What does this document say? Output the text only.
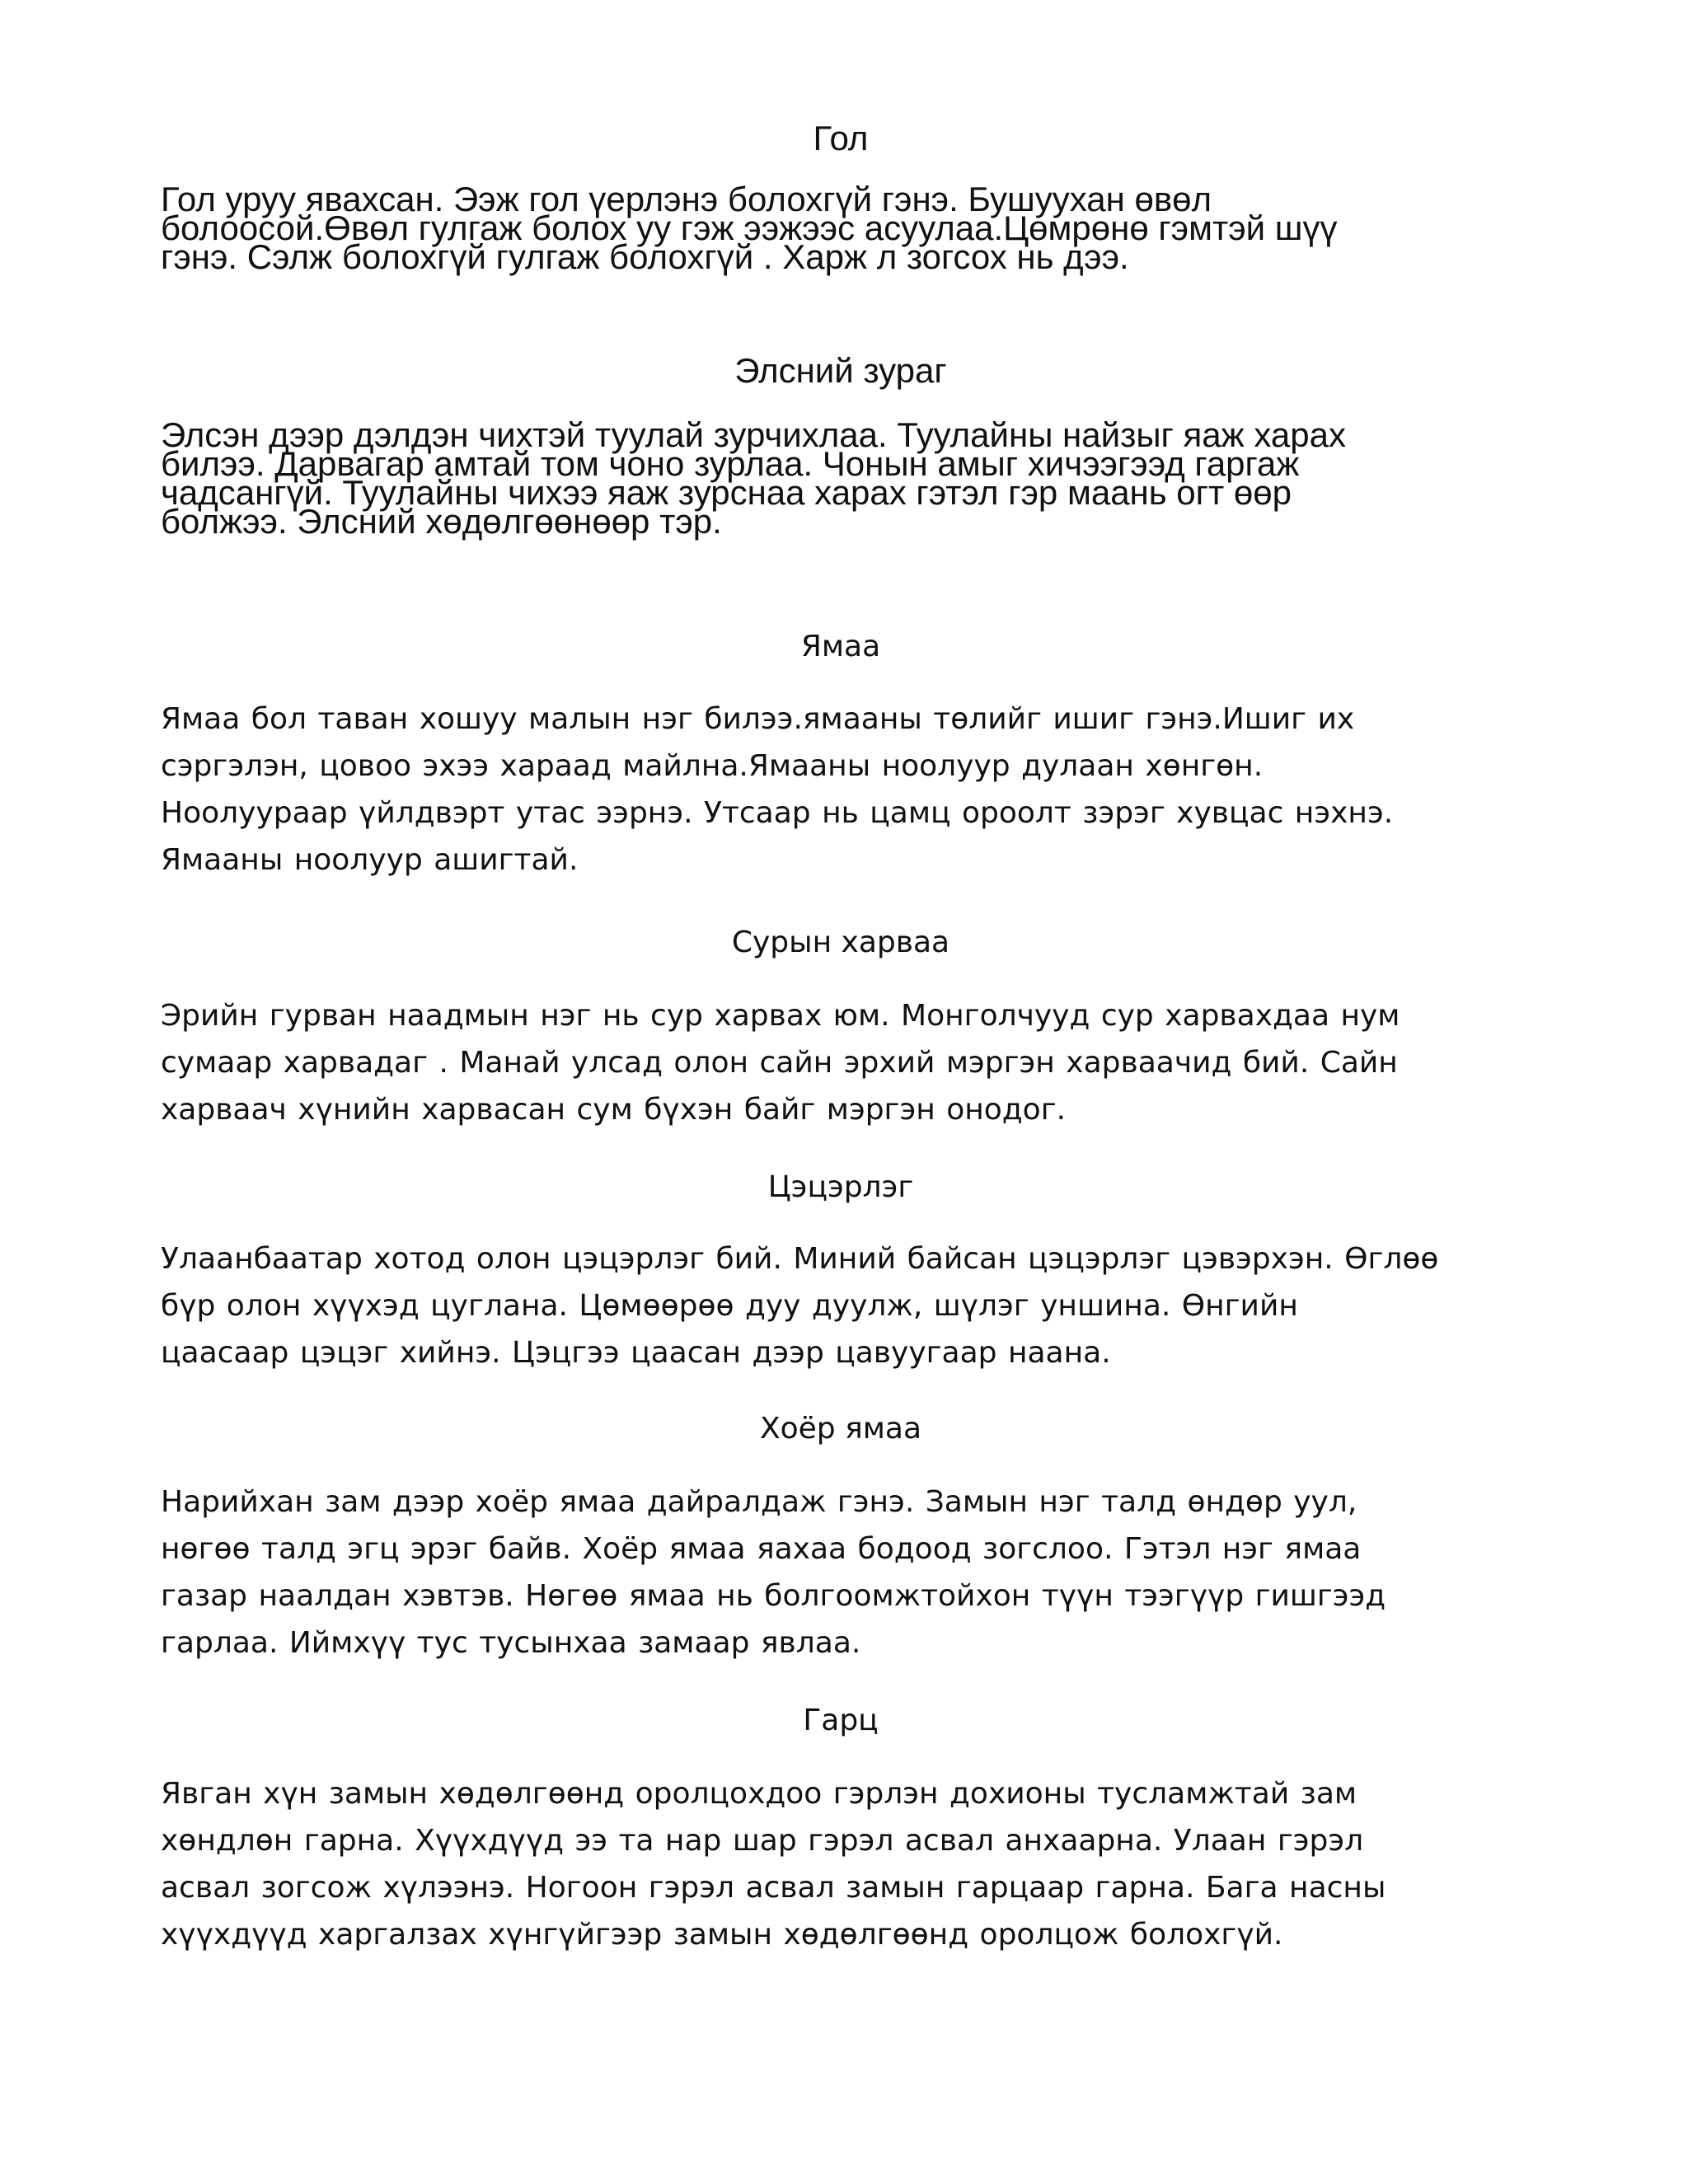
Гол

Гол уруу явахсан. Ээж гол үерлэнэ болохгүй гэнэ. Бушуухан өвөл
болоосой.Өвөл гулгаж болох уу гэж ээжээс асуулаа.Цөмрөнө гэмтэй шүү
гэнэ. Сэлж болохгүй гулгаж болохгүй . Харж л зогсох нь дээ.

Элсний зураг

Элсэн дээр дэлдэн чихтэй туулай зурчихлаа. Туулайны найзыг яаж харах
билээ. Дарвагар амтай том чоно зурлаа. Чонын амыг хичээгээд гаргаж
чадсангүй. Туулайны чихээ яаж зурснаа харах гэтэл гэр маань огт өөр
болжээ. Элсний хөдөлгөөнөөр тэр.

Ямаа

Ямаа бол таван хошуу малын нэг билээ.ямааны төлийг ишиг гэнэ.Ишиг их
сэргэлэн, цовоо эхээ хараад майлна.Ямааны ноолуур дулаан хөнгөн.
Ноолуураар үйлдвэрт утас ээрнэ. Утсаар нь цамц ороолт зэрэг хувцас нэхнэ.
Ямааны ноолуур ашигтай.

Сурын харваа

Эрийн гурван наадмын нэг нь сур харвах юм. Монголчууд сур харвахдаа нум
сумаар харвадаг . Манай улсад олон сайн эрхий мэргэн харваачид бий. Сайн
харваач хүнийн харвасан сум бүхэн байг мэргэн онодог.

Цэцэрлэг

Улаанбаатар хотод олон цэцэрлэг бий. Миний байсан цэцэрлэг цэвэрхэн. Өглөө
бүр олон хүүхэд цуглана. Цөмөөрөө дуу дуулж, шүлэг уншина. Өнгийн
цаасаар цэцэг хийнэ. Цэцгээ цаасан дээр цавуугаар наана.

Хоёр ямаа

Нарийхан зам дээр хоёр ямаа дайралдаж гэнэ. Замын нэг талд өндөр уул,
нөгөө талд эгц эрэг байв. Хоёр ямаа яахаа бодоод зогслоо. Гэтэл нэг ямаа
газар наалдан хэвтэв. Нөгөө ямаа нь болгоомжтойхон түүн тээгүүр гишгээд
гарлаа. Иймхүү тус тусынхаа замаар явлаа.

Гарц

Явган хүн замын хөдөлгөөнд оролцохдоо гэрлэн дохионы тусламжтай зам
хөндлөн гарна. Хүүхдүүд ээ та нар шар гэрэл асвал анхаарна. Улаан гэрэл
асвал зогсож хүлээнэ. Ногоон гэрэл асвал замын гарцаар гарна. Бага насны
хүүхдүүд харгалзах хүнгүйгээр замын хөдөлгөөнд оролцож болохгүй.
